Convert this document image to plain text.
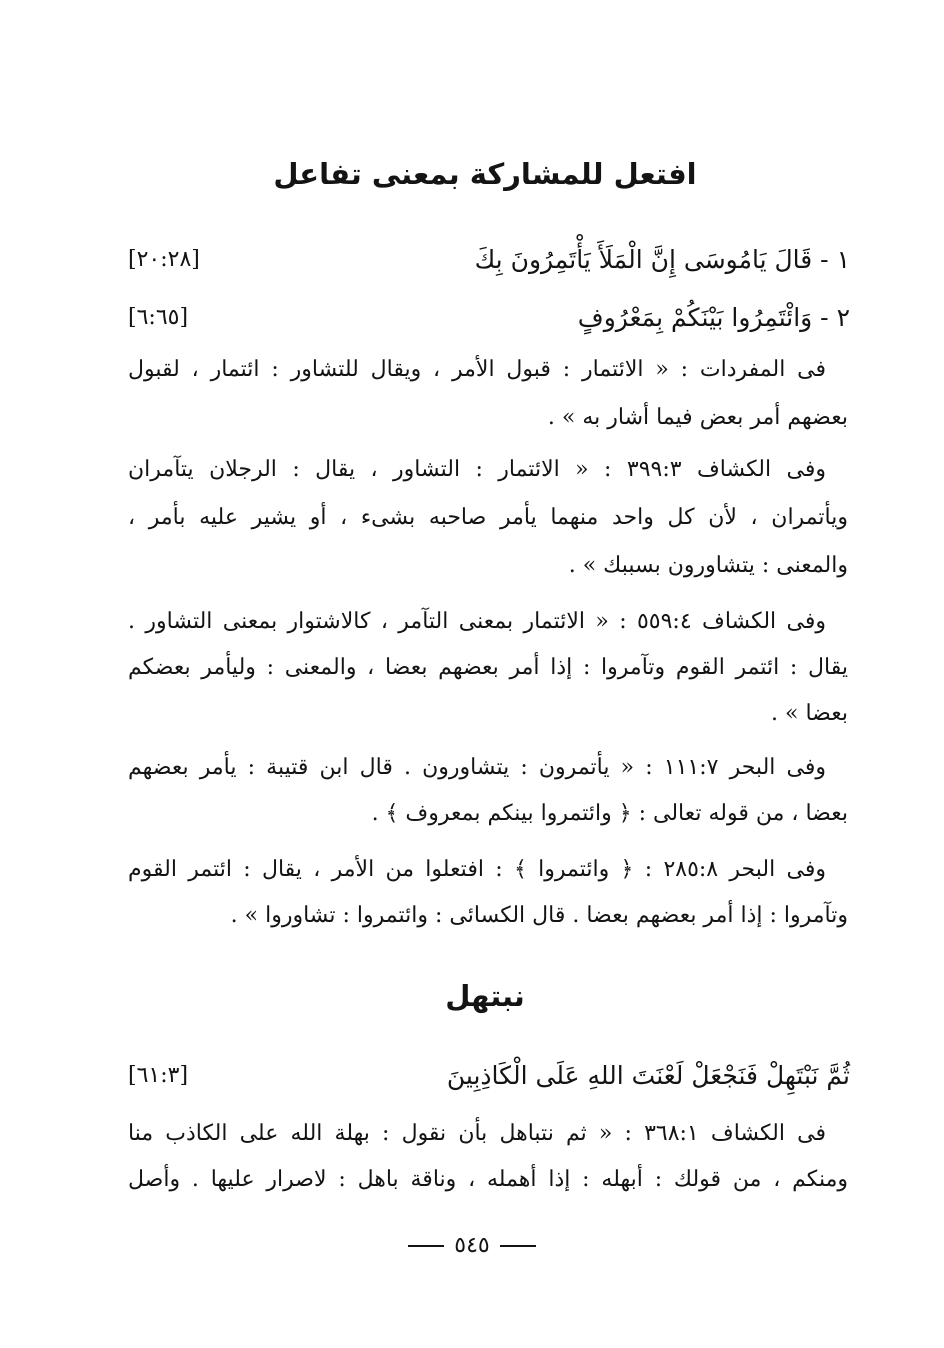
افتعل للمشاركة بمعنى تفاعل
١ - قَالَ يَامُوسَى إِنَّ الْمَلَأَ يَأْتَمِرُونَ بِكَ
[٢٠:٢٨]
٢ - وَائْتَمِرُوا بَيْنَكُمْ بِمَعْرُوفٍ
[٦:٦٥]
فى المفردات : « الائتمار : قبول الأمر ، ويقال للتشاور : ائتمار ، لقبول
بعضهم أمر بعض فيما أشار به » .
وفى الكشاف ٣٩٩:٣ : « الائتمار : التشاور ، يقال : الرجلان يتآمران
ويأتمران ، لأن كل واحد منهما يأمر صاحبه بشىء ، أو يشير عليه بأمر ،
والمعنى : يتشاورون بسببك » .
وفى الكشاف ٥٥٩:٤ : « الائتمار بمعنى التآمر ، كالاشتوار بمعنى التشاور .
يقال : ائتمر القوم وتآمروا : إذا أمر بعضهم بعضا ، والمعنى : وليأمر بعضكم
بعضا » .
وفى البحر ١١١:٧ : « يأتمرون : يتشاورون . قال ابن قتيبة : يأمر بعضهم
بعضا ، من قوله تعالى : ﴿ وائتمروا بينكم بمعروف ﴾ .
وفى البحر ٢٨٥:٨ : ﴿ وائتمروا ﴾ : افتعلوا من الأمر ، يقال : ائتمر القوم
وتآمروا : إذا أمر بعضهم بعضا . قال الكسائى : وائتمروا : تشاوروا » .
نبتهل
ثُمَّ نَبْتَهِلْ فَنَجْعَلْ لَعْنَتَ اللهِ عَلَى الْكَاذِبِينَ
[٦١:٣]
فى الكشاف ٣٦٨:١ : « ثم نتباهل بأن نقول : بهلة الله على الكاذب منا
ومنكم ، من قولك : أبهله : إذا أهمله ، وناقة باهل : لاصرار عليها . وأصل
٥٤٥
